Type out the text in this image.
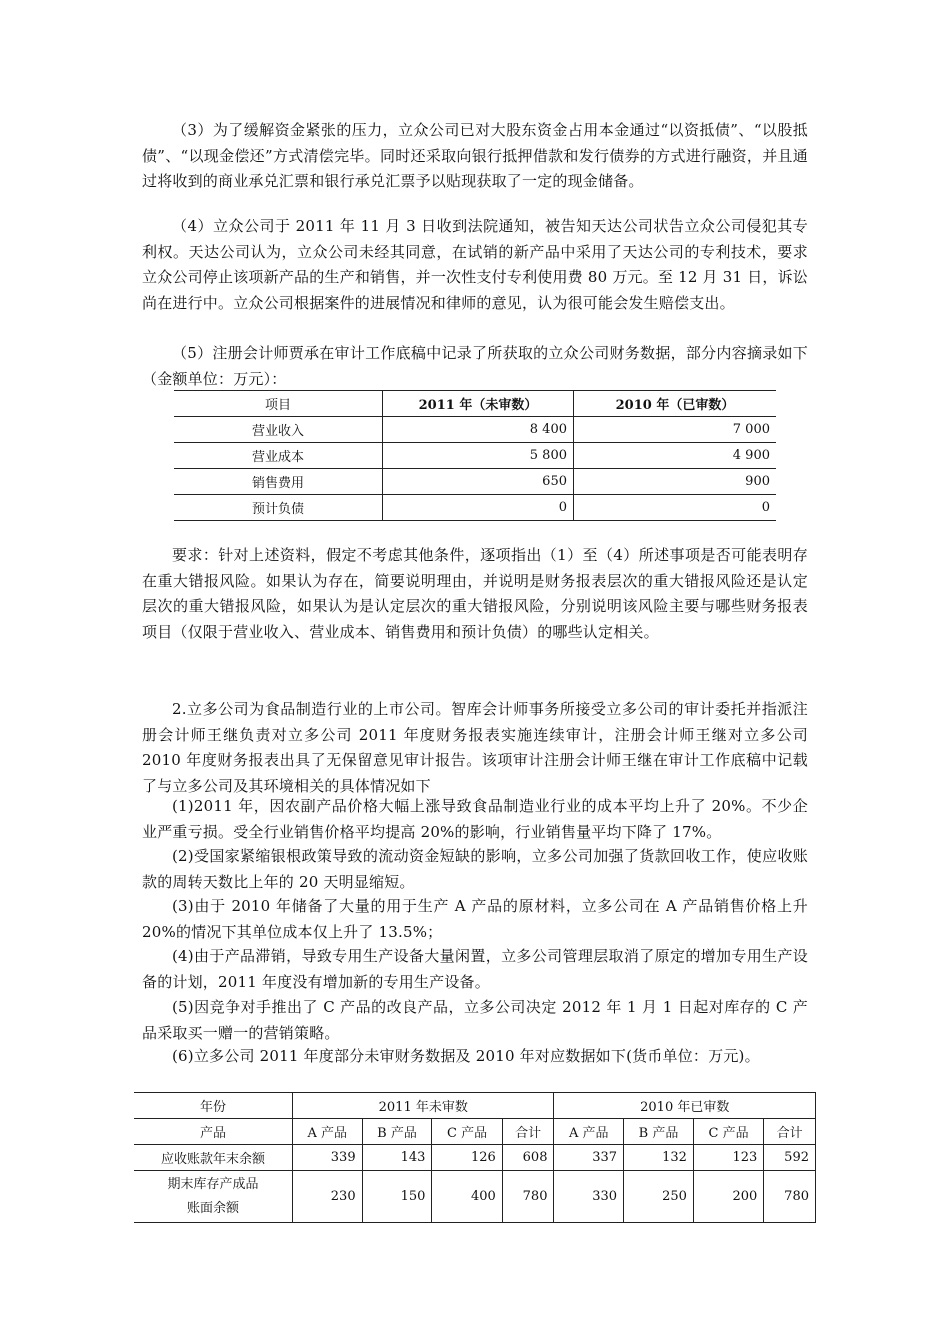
（3）为了缓解资金紧张的压力，立众公司已对大股东资金占用本金通过“以资抵债”、“以股抵债”、“以现金偿还”方式清偿完毕。同时还采取向银行抵押借款和发行债券的方式进行融资，并且通过将收到的商业承兑汇票和银行承兑汇票予以贴现获取了一定的现金储备。

（4）立众公司于 2011 年 11 月 3 日收到法院通知，被告知天达公司状告立众公司侵犯其专利权。天达公司认为，立众公司未经其同意，在试销的新产品中采用了天达公司的专利技术，要求立众公司停止该项新产品的生产和销售，并一次性支付专利使用费 80 万元。至 12 月 31 日，诉讼尚在进行中。立众公司根据案件的进展情况和律师的意见，认为很可能会发生赔偿支出。

（5）注册会计师贾承在审计工作底稿中记录了所获取的立众公司财务数据，部分内容摘录如下（金额单位：万元）：

项目	2011 年（未审数）	2010 年（已审数）
营业收入	8 400	7 000
营业成本	5 800	4 900
销售费用	650	900
预计负债	0	0

要求：针对上述资料，假定不考虑其他条件，逐项指出（1）至（4）所述事项是否可能表明存在重大错报风险。如果认为存在，简要说明理由，并说明是财务报表层次的重大错报风险还是认定层次的重大错报风险，如果认为是认定层次的重大错报风险，分别说明该风险主要与哪些财务报表项目（仅限于营业收入、营业成本、销售费用和预计负债）的哪些认定相关。

2.立多公司为食品制造行业的上市公司。智库会计师事务所接受立多公司的审计委托并指派注册会计师王继负责对立多公司 2011 年度财务报表实施连续审计，注册会计师王继对立多公司 2010 年度财务报表出具了无保留意见审计报告。该项审计注册会计师王继在审计工作底稿中记载了与立多公司及其环境相关的具体情况如下

(1)2011 年，因农副产品价格大幅上涨导致食品制造业行业的成本平均上升了 20%。不少企业严重亏损。受全行业销售价格平均提高 20%的影响，行业销售量平均下降了 17%。

(2)受国家紧缩银根政策导致的流动资金短缺的影响，立多公司加强了货款回收工作，使应收账款的周转天数比上年的 20 天明显缩短。

(3)由于 2010 年储备了大量的用于生产 A 产品的原材料，立多公司在 A 产品销售价格上升 20%的情况下其单位成本仅上升了 13.5%；

(4)由于产品滞销，导致专用生产设备大量闲置，立多公司管理层取消了原定的增加专用生产设备的计划，2011 年度没有增加新的专用生产设备。

(5)因竞争对手推出了 C 产品的改良产品，立多公司决定 2012 年 1 月 1 日起对库存的 C 产品采取买一赠一的营销策略。

(6)立多公司 2011 年度部分未审财务数据及 2010 年对应数据如下(货币单位：万元)。

年份	2011 年未审数				2010 年已审数			
产品	A 产品	B 产品	C 产品	合计	A 产品	B 产品	C 产品	合计
应收账款年末余额	339	143	126	608	337	132	123	592
期末库存产成品
账面余额	230	150	400	780	330	250	200	780
